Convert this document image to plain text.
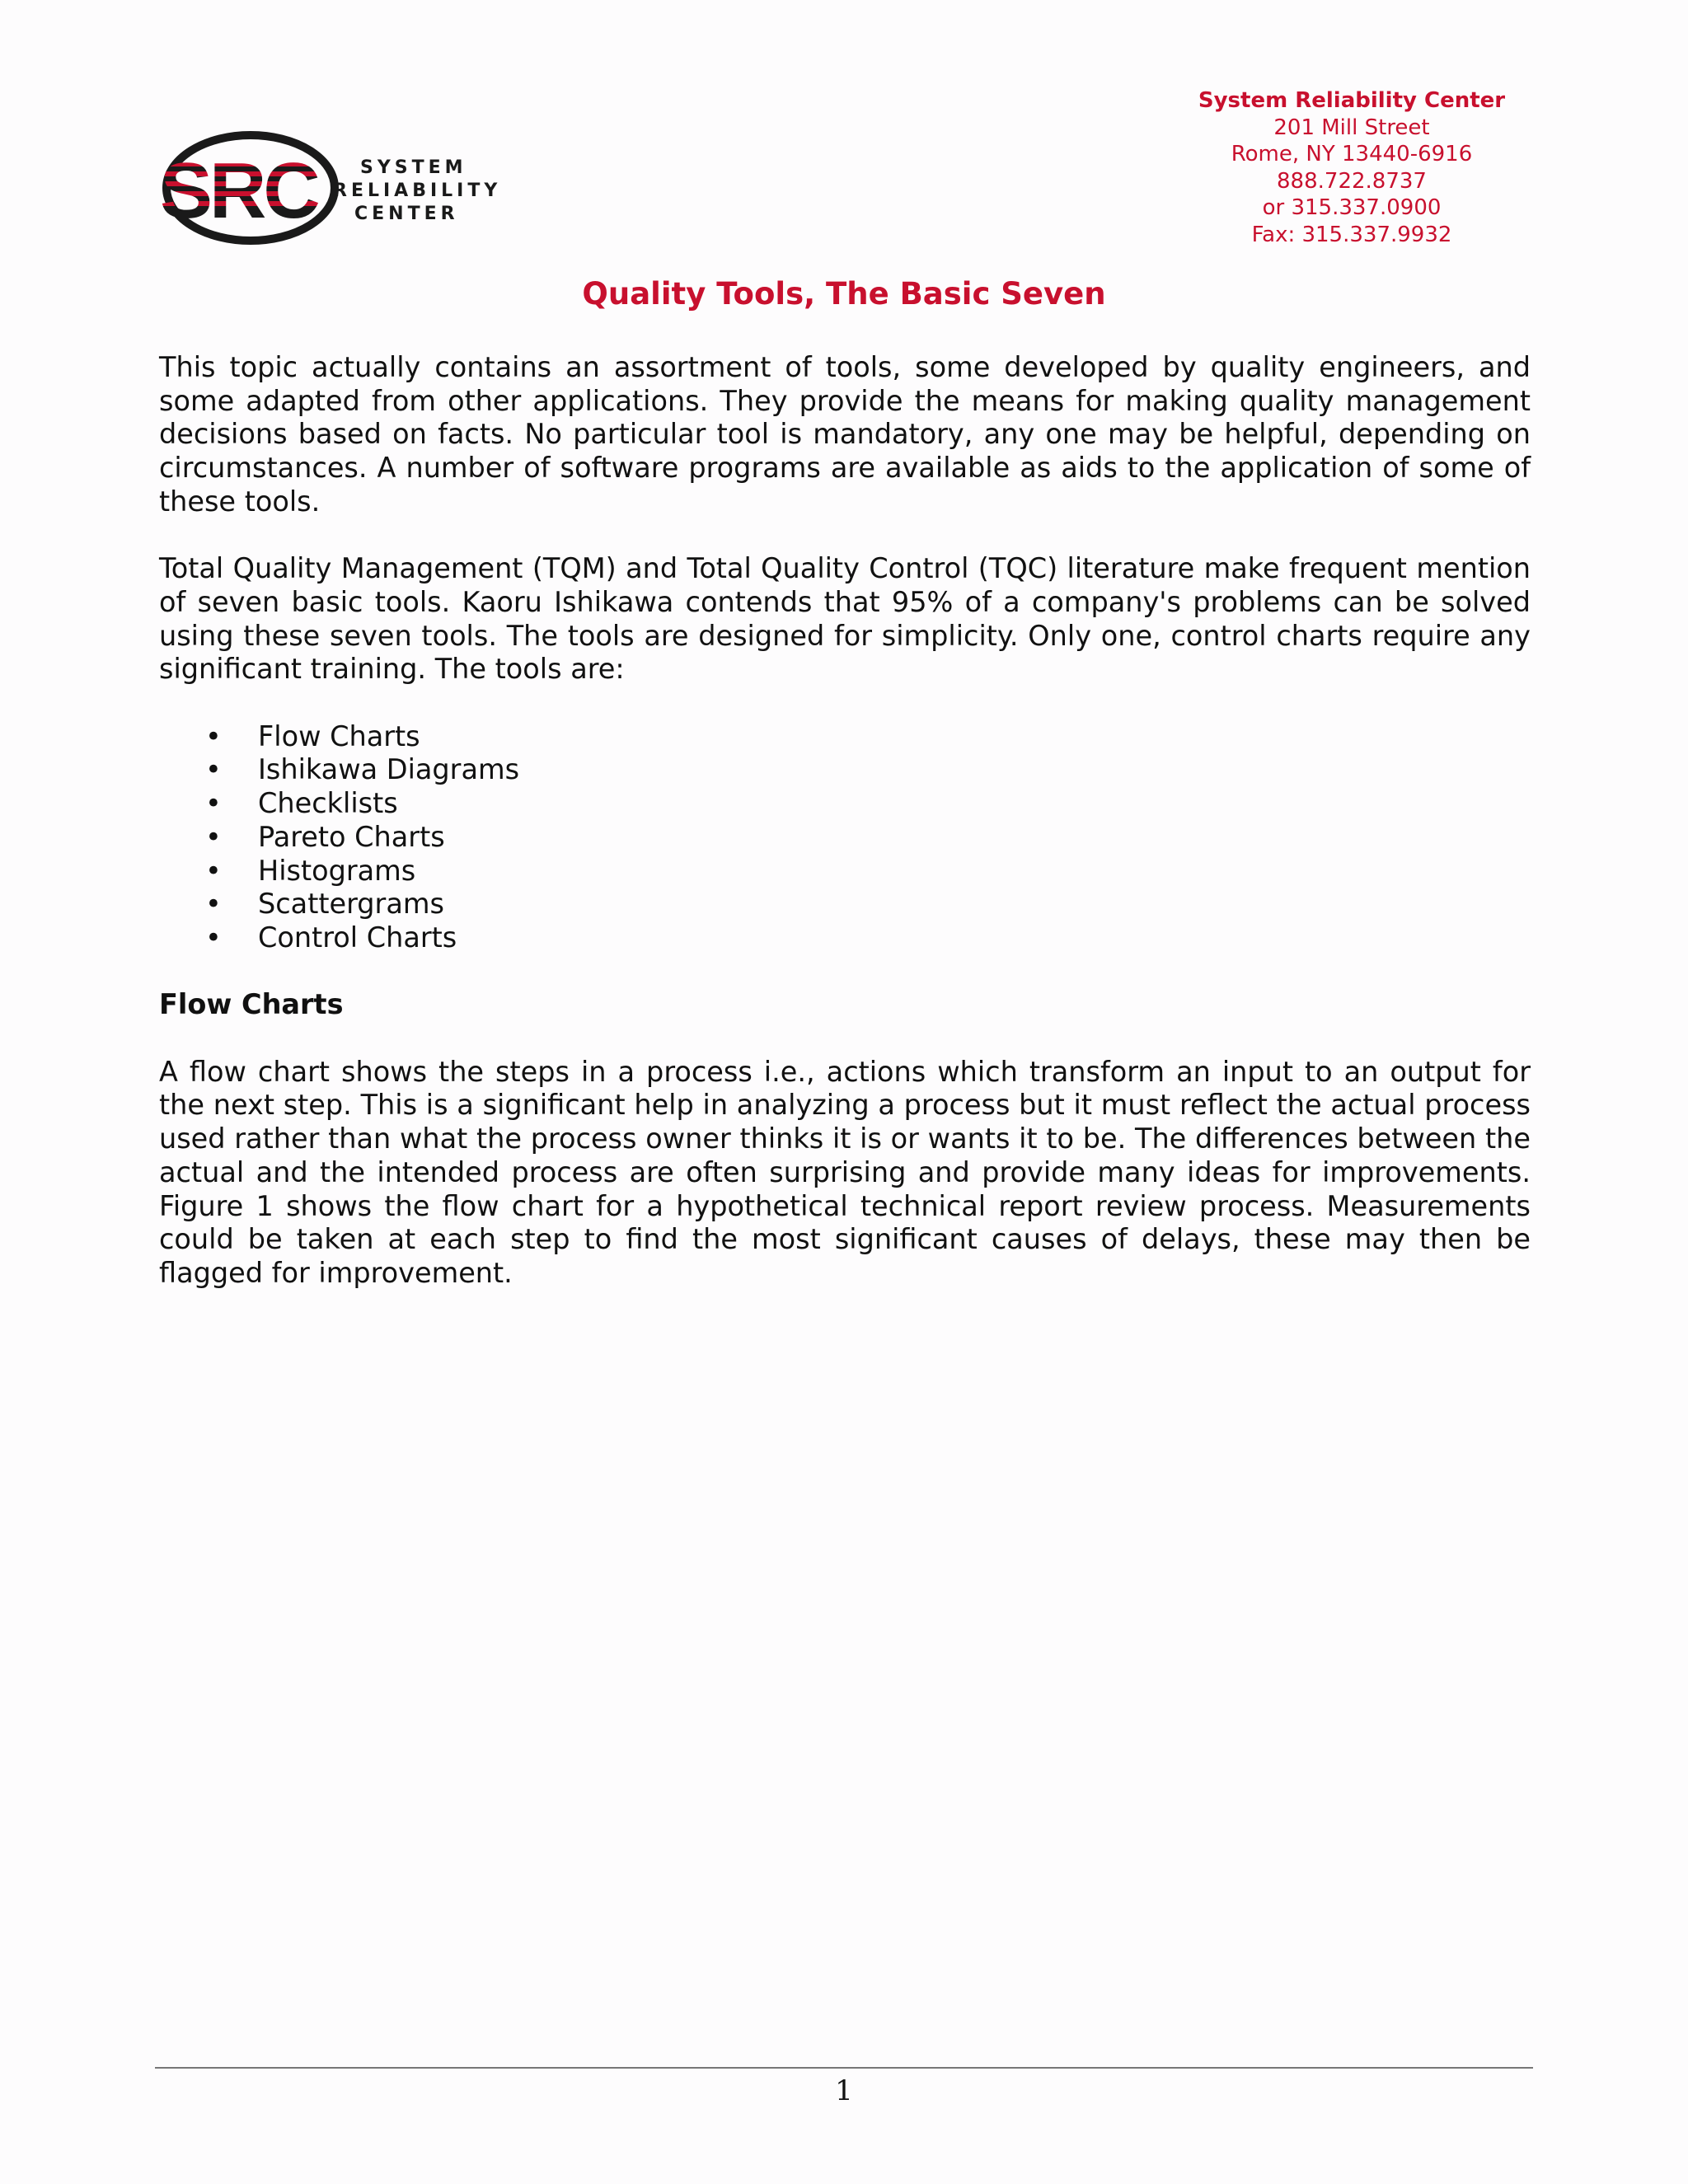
SYSTEM
RELIABILITY
CENTER
System Reliability Center
201 Mill Street
Rome, NY 13440-6916
888.722.8737
or 315.337.0900
Fax: 315.337.9932
Quality Tools, The Basic Seven

This topic actually contains an assortment of tools, some developed by quality engineers, and some adapted from other applications. They provide the means for making quality management decisions based on facts. No particular tool is mandatory, any one may be helpful, depending on circumstances. A number of software programs are available as aids to the application of some of these tools.

Total Quality Management (TQM) and Total Quality Control (TQC) literature make frequent mention of seven basic tools. Kaoru Ishikawa contends that 95% of a company's problems can be solved using these seven tools. The tools are designed for simplicity. Only one, control charts require any significant training. The tools are:

• Flow Charts
• Ishikawa Diagrams
• Checklists
• Pareto Charts
• Histograms
• Scattergrams
• Control Charts
Flow Charts

A flow chart shows the steps in a process i.e., actions which transform an input to an output for the next step. This is a significant help in analyzing a process but it must reflect the actual process used rather than what the process owner thinks it is or wants it to be. The differences between the actual and the intended process are often surprising and provide many ideas for improvements. Figure 1 shows the flow chart for a hypothetical technical report review process. Measurements could be taken at each step to find the most significant causes of delays, these may then be flagged for improvement.

1
